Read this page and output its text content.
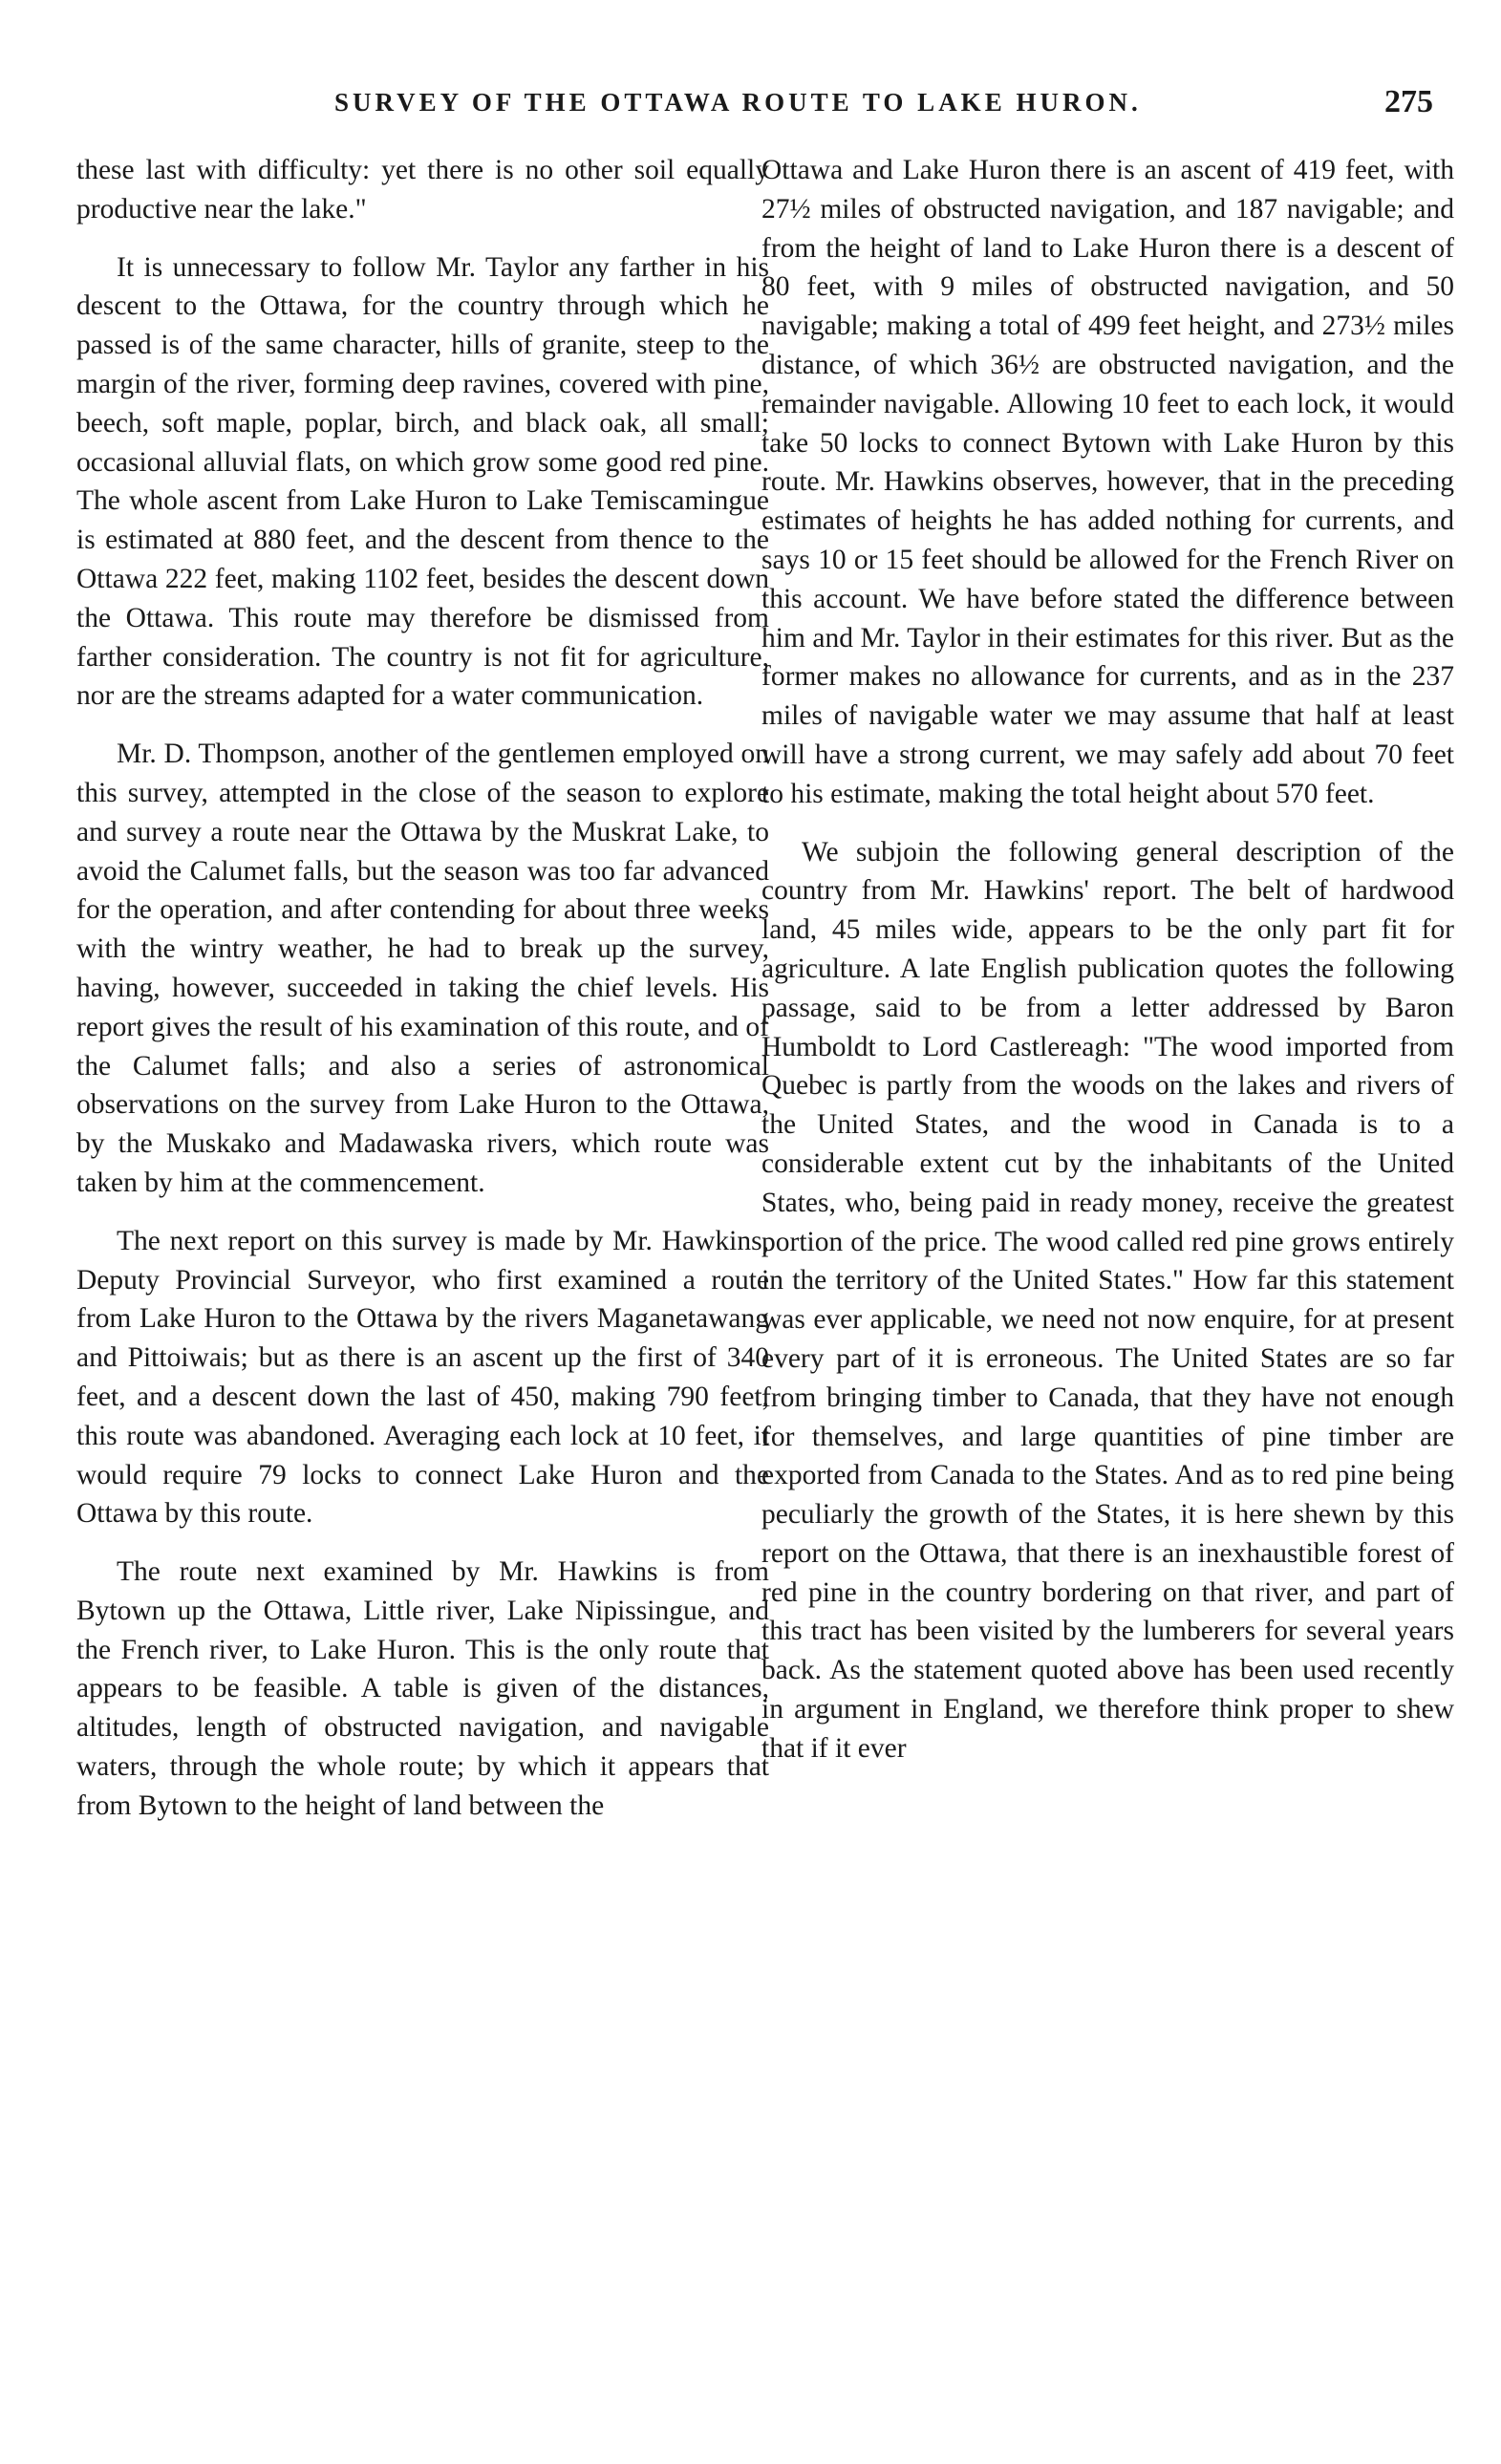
SURVEY OF THE OTTAWA ROUTE TO LAKE HURON.	275

these last with difficulty: yet there is no other soil equally productive near the lake."

It is unnecessary to follow Mr. Taylor any farther in his descent to the Ottawa, for the country through which he passed is of the same character, hills of granite, steep to the margin of the river, forming deep ravines, covered with pine, beech, soft maple, poplar, birch, and black oak, all small; occasional alluvial flats, on which grow some good red pine. The whole ascent from Lake Huron to Lake Temiscamingue is estimated at 880 feet, and the descent from thence to the Ottawa 222 feet, making 1102 feet, besides the descent down the Ottawa. This route may therefore be dismissed from farther consideration. The country is not fit for agriculture, nor are the streams adapted for a water communication.

Mr. D. Thompson, another of the gentlemen employed on this survey, attempted in the close of the season to explore and survey a route near the Ottawa by the Muskrat Lake, to avoid the Calumet falls, but the season was too far advanced for the operation, and after contending for about three weeks with the wintry weather, he had to break up the survey, having, however, succeeded in taking the chief levels. His report gives the result of his examination of this route, and of the Calumet falls; and also a series of astronomical observations on the survey from Lake Huron to the Ottawa, by the Muskako and Madawaska rivers, which route was taken by him at the commencement.

The next report on this survey is made by Mr. Hawkins, Deputy Provincial Surveyor, who first examined a route from Lake Huron to the Ottawa by the rivers Maganetawang and Pittoiwais; but as there is an ascent up the first of 340 feet, and a descent down the last of 450, making 790 feet, this route was abandoned. Averaging each lock at 10 feet, it would require 79 locks to connect Lake Huron and the Ottawa by this route.

The route next examined by Mr. Hawkins is from Bytown up the Ottawa, Little river, Lake Nipissingue, and the French river, to Lake Huron. This is the only route that appears to be feasible. A table is given of the distances, altitudes, length of obstructed navigation, and navigable waters, through the whole route; by which it appears that from Bytown to the height of land between the

Ottawa and Lake Huron there is an ascent of 419 feet, with 27½ miles of obstructed navigation, and 187 navigable; and from the height of land to Lake Huron there is a descent of 80 feet, with 9 miles of obstructed navigation, and 50 navigable; making a total of 499 feet height, and 273½ miles distance, of which 36½ are obstructed navigation, and the remainder navigable. Allowing 10 feet to each lock, it would take 50 locks to connect Bytown with Lake Huron by this route. Mr. Hawkins observes, however, that in the preceding estimates of heights he has added nothing for currents, and says 10 or 15 feet should be allowed for the French River on this account. We have before stated the difference between him and Mr. Taylor in their estimates for this river. But as the former makes no allowance for currents, and as in the 237 miles of navigable water we may assume that half at least will have a strong current, we may safely add about 70 feet to his estimate, making the total height about 570 feet.

We subjoin the following general description of the country from Mr. Hawkins' report. The belt of hardwood land, 45 miles wide, appears to be the only part fit for agriculture. A late English publication quotes the following passage, said to be from a letter addressed by Baron Humboldt to Lord Castlereagh: "The wood imported from Quebec is partly from the woods on the lakes and rivers of the United States, and the wood in Canada is to a considerable extent cut by the inhabitants of the United States, who, being paid in ready money, receive the greatest portion of the price. The wood called red pine grows entirely in the territory of the United States." How far this statement was ever applicable, we need not now enquire, for at present every part of it is erroneous. The United States are so far from bringing timber to Canada, that they have not enough for themselves, and large quantities of pine timber are exported from Canada to the States. And as to red pine being peculiarly the growth of the States, it is here shewn by this report on the Ottawa, that there is an inexhaustible forest of red pine in the country bordering on that river, and part of this tract has been visited by the lumberers for several years back. As the statement quoted above has been used recently in argument in England, we therefore think proper to shew that if it ever
